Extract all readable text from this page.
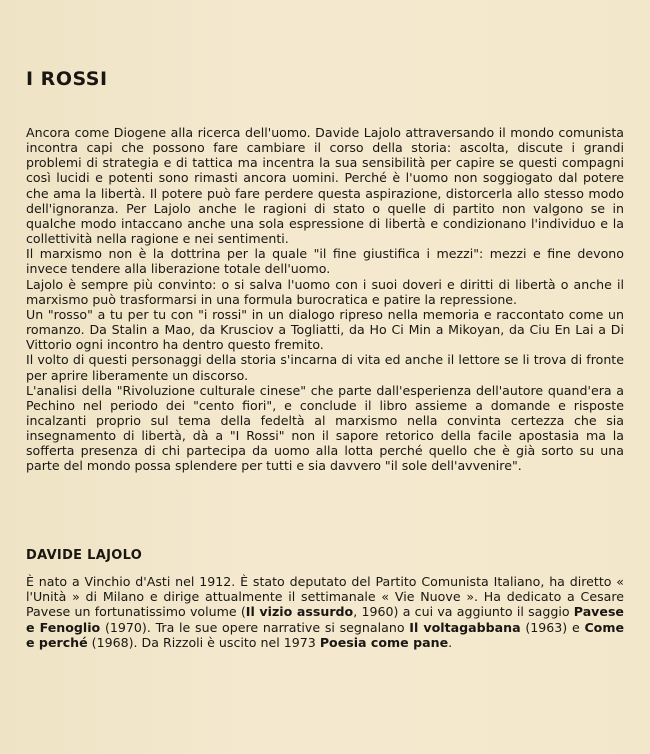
I ROSSI

Ancora come Diogene alla ricerca dell'uomo. Davide Lajolo attraversando il mondo comunista incontra capi che possono fare cambiare il corso della storia: ascolta, discute i grandi problemi di strategia e di tattica ma incentra la sua sensibilità per capire se questi compagni così lucidi e potenti sono rimasti ancora uomini. Perché è l'uomo non soggiogato dal potere che ama la libertà. Il potere può fare perdere questa aspirazione, distorcerla allo stesso modo dell'ignoranza. Per Lajolo anche le ragioni di stato o quelle di partito non valgono se in qualche modo intaccano anche una sola espressione di libertà e condizionano l'individuo e la collettività nella ragione e nei sentimenti.

Il marxismo non è la dottrina per la quale "il fine giustifica i mezzi": mezzi e fine devono invece tendere alla liberazione totale dell'uomo.

Lajolo è sempre più convinto: o si salva l'uomo con i suoi doveri e diritti di libertà o anche il marxismo può trasformarsi in una formula burocratica e patire la repressione.

Un "rosso" a tu per tu con "i rossi" in un dialogo ripreso nella memoria e raccontato come un romanzo. Da Stalin a Mao, da Krusciov a Togliatti, da Ho Ci Min a Mikoyan, da Ciu En Lai a Di Vittorio ogni incontro ha dentro questo fremito.

Il volto di questi personaggi della storia s'incarna di vita ed anche il lettore se li trova di fronte per aprire liberamente un discorso.

L'analisi della "Rivoluzione culturale cinese" che parte dall'esperienza dell'autore quand'era a Pechino nel periodo dei "cento fiori", e conclude il libro assieme a domande e risposte incalzanti proprio sul tema della fedeltà al marxismo nella convinta certezza che sia insegnamento di libertà, dà a "I Rossi" non il sapore retorico della facile apostasia ma la sofferta presenza di chi partecipa da uomo alla lotta perché quello che è già sorto su una parte del mondo possa splendere per tutti e sia davvero "il sole dell'avvenire".

DAVIDE LAJOLO

È nato a Vinchio d'Asti nel 1912. È stato deputato del Partito Comunista Italiano, ha diretto « l'Unità » di Milano e dirige attualmente il settimanale « Vie Nuove ». Ha dedicato a Cesare Pavese un fortunatissimo volume (Il vizio assurdo, 1960) a cui va aggiunto il saggio Pavese e Fenoglio (1970). Tra le sue opere narrative si segnalano Il voltagabbana (1963) e Come e perché (1968). Da Rizzoli è uscito nel 1973 Poesia come pane.
